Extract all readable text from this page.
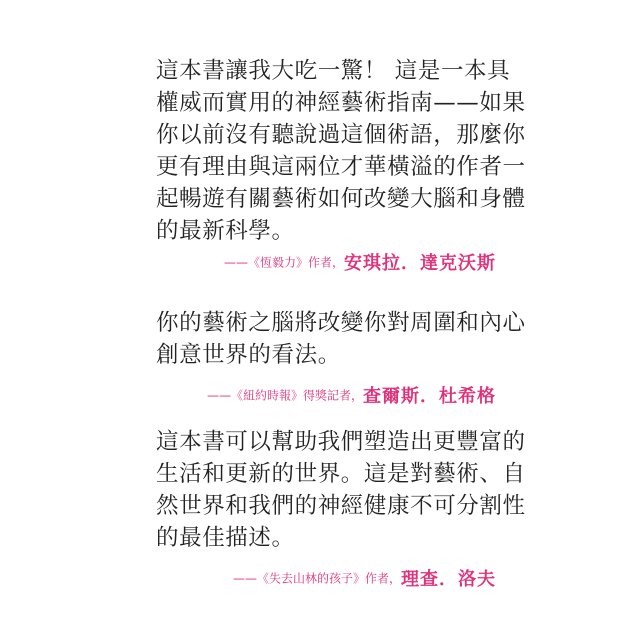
這本書讓我大吃一驚！ 這是一本具
權威而實用的神經藝術指南——如果
你以前沒有聽說過這個術語，那麼你
更有理由與這兩位才華橫溢的作者一
起暢遊有關藝術如何改變大腦和身體
的最新科學。

——《恆毅力》作者，安琪拉．達克沃斯

你的藝術之腦將改變你對周圍和內心
創意世界的看法。

——《紐約時報》得獎記者，查爾斯．杜希格

這本書可以幫助我們塑造出更豐富的
生活和更新的世界。這是對藝術、自
然世界和我們的神經健康不可分割性
的最佳描述。

——《失去山林的孩子》作者，理查．洛夫
